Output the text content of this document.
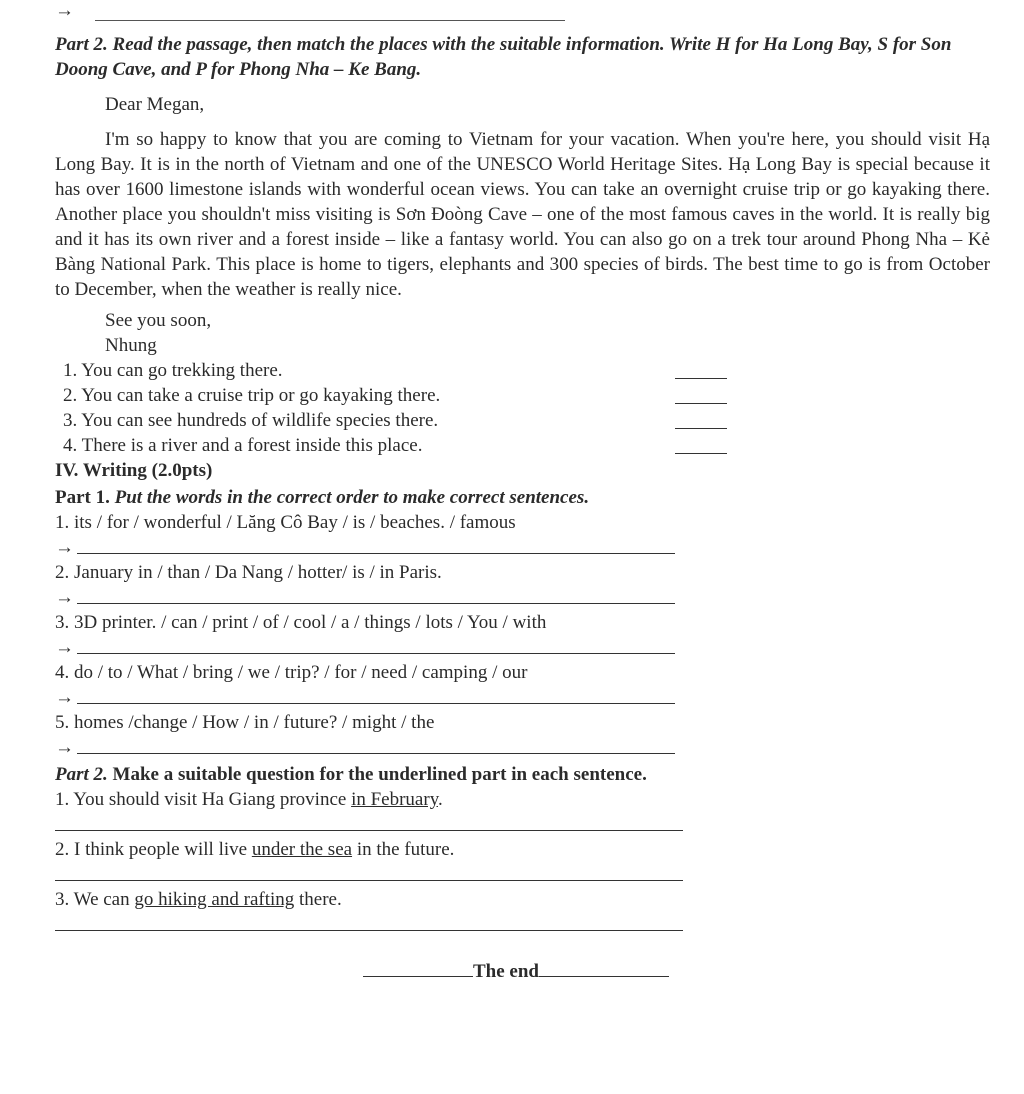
→
Part 2. Read the passage, then match the places with the suitable information. Write H for Ha Long Bay, S for Son Doong Cave, and P for Phong Nha – Ke Bang.
Dear Megan,
I'm so happy to know that you are coming to Vietnam for your vacation. When you're here, you should visit Hạ Long Bay. It is in the north of Vietnam and one of the UNESCO World Heritage Sites. Hạ Long Bay is special because it has over 1600 limestone islands with wonderful ocean views. You can take an overnight cruise trip or go kayaking there. Another place you shouldn't miss visiting is Sơn Đoòng Cave – one of the most famous caves in the world. It is really big and it has its own river and a forest inside – like a fantasy world. You can also go on a trek tour around Phong Nha – Kẻ Bàng National Park. This place is home to tigers, elephants and 300 species of birds. The best time to go is from October to December, when the weather is really nice.
See you soon,
Nhung
1. You can go trekking there.
2. You can take a cruise trip or go kayaking there.
3. You can see hundreds of wildlife species there.
4. There is a river and a forest inside this place.
IV. Writing (2.0pts)
Part 1. Put the words in the correct order to make correct sentences.
1. its / for / wonderful / Lăng Cô Bay / is / beaches. / famous
→
2. January in / than / Da Nang / hotter/ is / in Paris.
→
3. 3D printer. / can / print / of / cool / a / things / lots / You / with
→
4. do / to / What / bring / we / trip? / for / need / camping / our
→
5. homes /change / How / in / future? / might / the
→
Part 2. Make a suitable question for the underlined part in each sentence.
1. You should visit Ha Giang province in February.
2. I think people will live under the sea in the future.
3. We can go hiking and rafting there.
The end
